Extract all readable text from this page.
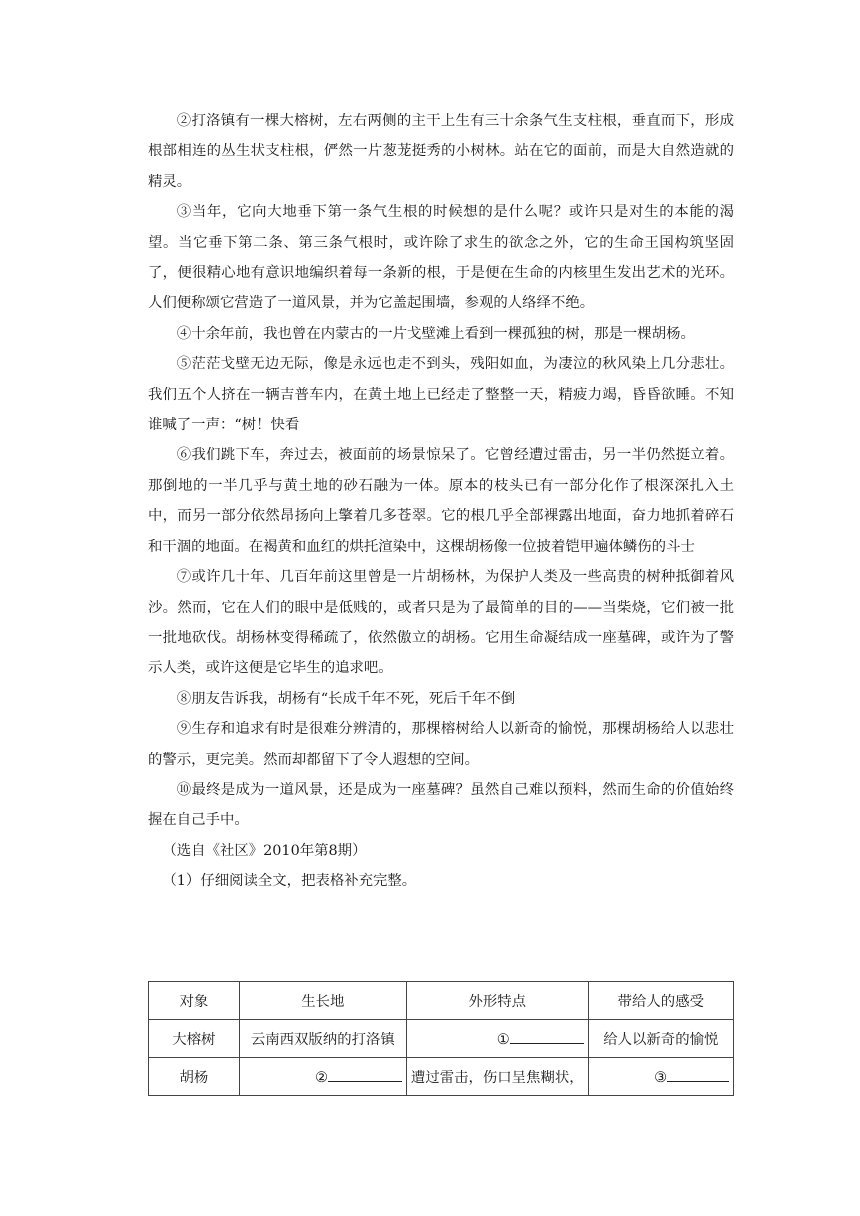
②打洛镇有一棵大榕树，左右两侧的主干上生有三十余条气生支柱根，垂直而下，形成根部相连的丛生状支柱根，俨然一片葱茏挺秀的小树林。站在它的面前，而是大自然造就的精灵。

③当年，它向大地垂下第一条气生根的时候想的是什么呢？或许只是对生的本能的渴望。当它垂下第二条、第三条气根时，或许除了求生的欲念之外，它的生命王国构筑坚固了，便很精心地有意识地编织着每一条新的根，于是便在生命的内核里生发出艺术的光环。人们便称颂它营造了一道风景，并为它盖起围墙，参观的人络绎不绝。

④十余年前，我也曾在内蒙古的一片戈壁滩上看到一棵孤独的树，那是一棵胡杨。

⑤茫茫戈壁无边无际，像是永远也走不到头，残阳如血，为凄泣的秋风染上几分悲壮。我们五个人挤在一辆吉普车内，在黄土地上已经走了整整一天，精疲力竭，昏昏欲睡。不知谁喊了一声：“树！快看

⑥我们跳下车，奔过去，被面前的场景惊呆了。它曾经遭过雷击，另一半仍然挺立着。那倒地的一半几乎与黄土地的砂石融为一体。原本的枝头已有一部分化作了根深深扎入土中，而另一部分依然昂扬向上擎着几多苍翠。它的根几乎全部裸露出地面，奋力地抓着碎石和干涸的地面。在褐黄和血红的烘托渲染中，这棵胡杨像一位披着铠甲遍体鳞伤的斗士

⑦或许几十年、几百年前这里曾是一片胡杨林，为保护人类及一些高贵的树种抵御着风沙。然而，它在人们的眼中是低贱的，或者只是为了最简单的目的——当柴烧，它们被一批一批地砍伐。胡杨林变得稀疏了，依然傲立的胡杨。它用生命凝结成一座墓碑，或许为了警示人类，或许这便是它毕生的追求吧。

⑧朋友告诉我，胡杨有“长成千年不死，死后千年不倒

⑨生存和追求有时是很难分辨清的，那棵榕树给人以新奇的愉悦，那棵胡杨给人以悲壮的警示，更完美。然而却都留下了令人遐想的空间。

⑩最终是成为一道风景，还是成为一座墓碑？虽然自己难以预料，然而生命的价值始终握在自己手中。

（选自《社区》2010年第8期）

（1）仔细阅读全文，把表格补充完整。

对象	生长地	外形特点	带给人的感受
大榕树	云南西双版纳的打洛镇	①	给人以新奇的愉悦
胡杨	②	遭过雷击，伤口呈焦糊状，	③
